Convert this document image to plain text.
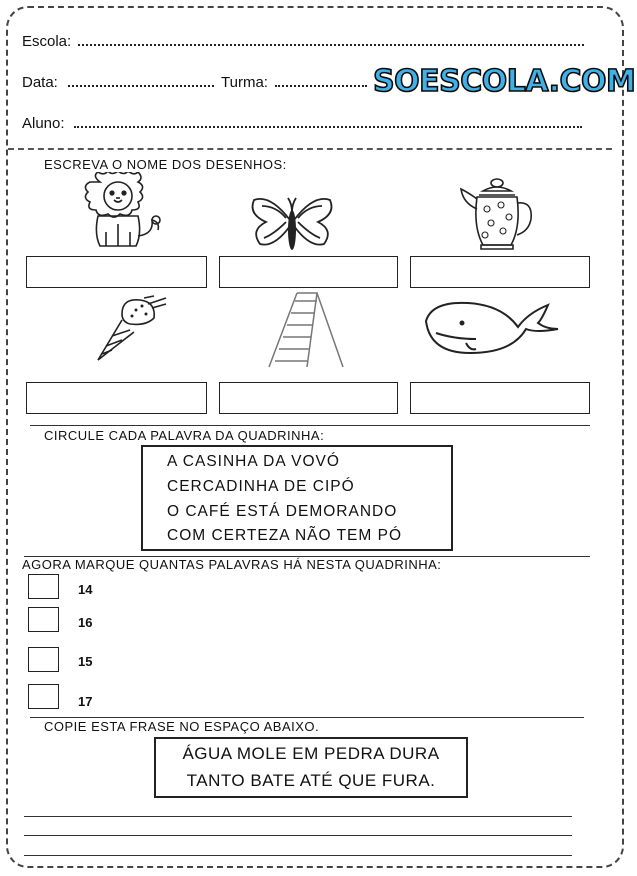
Escola:
Data:	Turma:	SOESCOLA.COM
Aluno:
ESCREVA O NOME DOS DESENHOS:
CIRCULE CADA PALAVRA DA QUADRINHA:
A CASINHA DA VOVÓ
CERCADINHA DE CIPÓ
O CAFÉ ESTÁ DEMORANDO
COM CERTEZA NÃO TEM PÓ
AGORA MARQUE QUANTAS PALAVRAS HÁ NESTA QUADRINHA:
14
16
15
17
COPIE ESTA FRASE NO ESPAÇO ABAIXO.
ÁGUA MOLE EM PEDRA DURA
TANTO BATE ATÉ QUE FURA.
